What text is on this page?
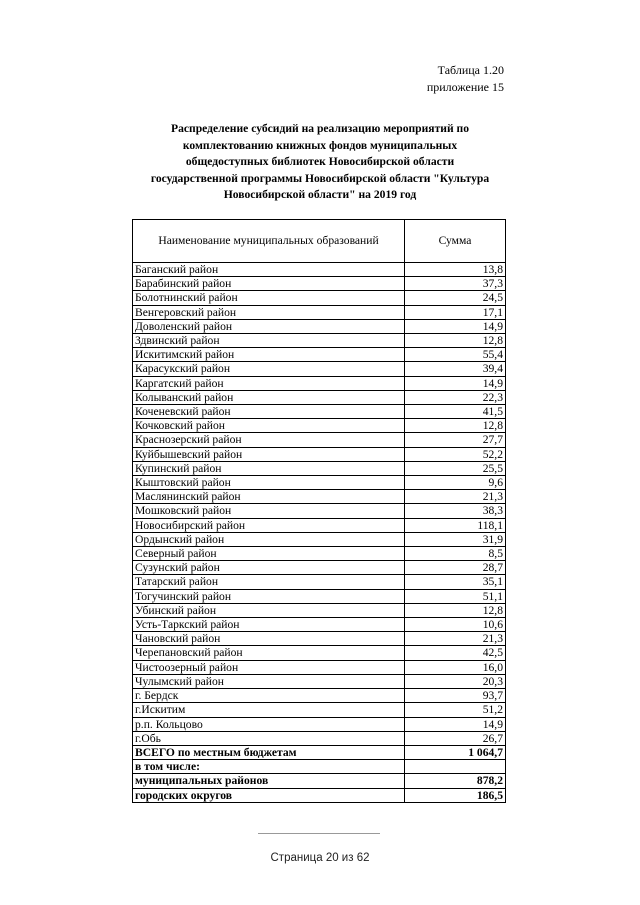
Таблица 1.20
приложение 15
Распределение субсидий на реализацию мероприятий по
комплектованию книжных фондов муниципальных
общедоступных библиотек Новосибирской области
государственной программы Новосибирской области "Культура
Новосибирской области" на 2019 год
Наименование муниципальных образований	Сумма
Баганский район	13,8
Барабинский район	37,3
Болотнинский район	24,5
Венгеровский район	17,1
Доволенский район	14,9
Здвинский район	12,8
Искитимский район	55,4
Карасукский район	39,4
Каргатский район	14,9
Колыванский район	22,3
Коченевский район	41,5
Кочковский район	12,8
Краснозерский район	27,7
Куйбышевский район	52,2
Купинский район	25,5
Кыштовский район	9,6
Маслянинский район	21,3
Мошковский район	38,3
Новосибирский район	118,1
Ордынский район	31,9
Северный район	8,5
Сузунский район	28,7
Татарский район	35,1
Тогучинский район	51,1
Убинский район	12,8
Усть-Таркский район	10,6
Чановский район	21,3
Черепановский район	42,5
Чистоозерный район	16,0
Чулымский район	20,3
г. Бердск	93,7
г.Искитим	51,2
р.п. Кольцово	14,9
г.Обь	26,7
ВСЕГО по местным бюджетам	1 064,7
в том числе:	
муниципальных районов	878,2
городских округов	186,5
Страница 20 из 62
